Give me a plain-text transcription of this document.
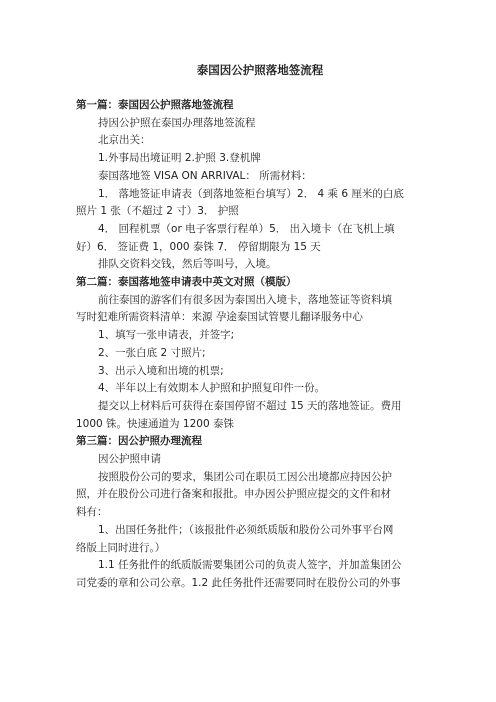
泰国因公护照落地签流程
第一篇：泰国因公护照落地签流程
持因公护照在泰国办理落地签流程
北京出关：
1.外事局出境证明 2.护照 3.登机牌
泰国落地签 VISA ON ARRIVAL： 所需材料：
1． 落地签证申请表（到落地签柜台填写）2． 4 乘 6 厘米的白底
照片 1 张（不超过 2 寸）3． 护照
4． 回程机票（or 电子客票行程单）5． 出入境卡（在飞机上填
好）6． 签证费 1，000 泰铢 7． 停留期限为 15 天
排队交资料交钱，然后等叫号，入境。
第二篇：泰国落地签申请表中英文对照（模版）
前往泰国的游客们有很多因为泰国出入境卡，落地签证等资料填
写时犯难所需资料清单：来源 孕途泰国试管婴儿翻译服务中心
1、填写一张申请表，并签字;
2、一张白底 2 寸照片;
3、出示入境和出境的机票;
4、半年以上有效期本人护照和护照复印件一份。
提交以上材料后可获得在泰国停留不超过 15 天的落地签证。费用
1000 铢。快速通道为 1200 泰铢
第三篇：因公护照办理流程
因公护照申请
按照股份公司的要求，集团公司在职员工因公出境都应持因公护
照，并在股份公司进行备案和报批。申办因公护照应提交的文件和材
料有：
1、出国任务批件；（该报批件必须纸质版和股份公司外事平台网
络版上同时进行。）
1.1 任务批件的纸质版需要集团公司的负责人签字，并加盖集团公
司党委的章和公司公章。1.2 此任务批件还需要同时在股份公司的外事
